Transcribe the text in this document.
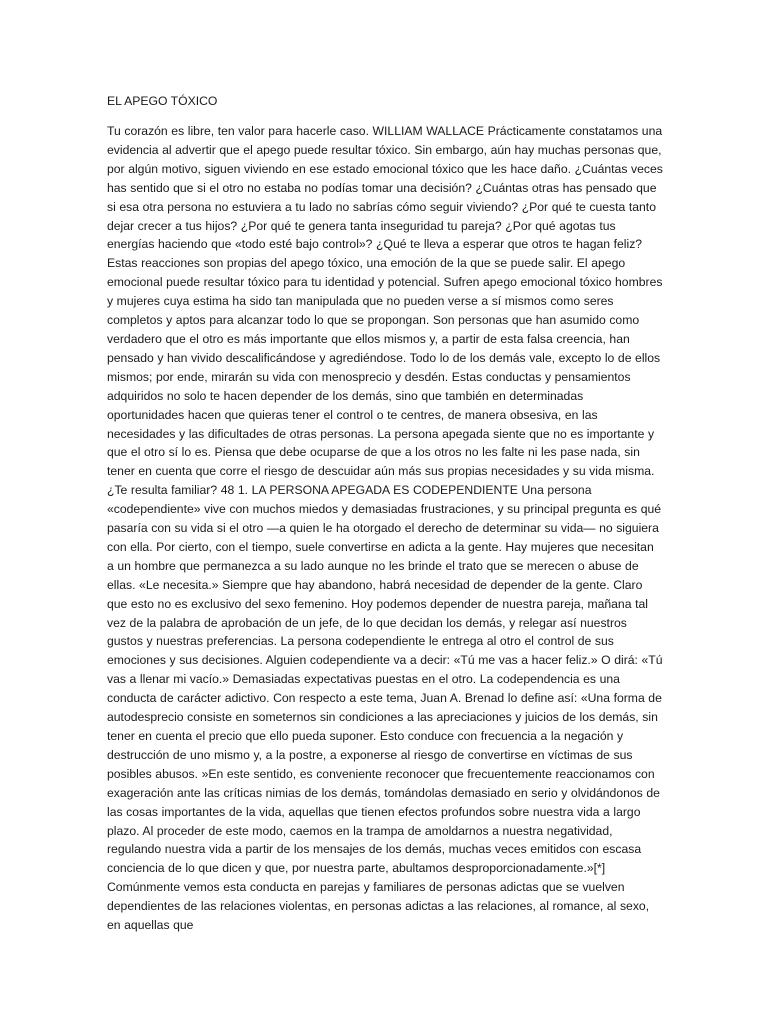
EL APEGO TÓXICO

Tu corazón es libre, ten valor para hacerle caso. WILLIAM WALLACE Prácticamente constatamos una evidencia al advertir que el apego puede resultar tóxico. Sin embargo, aún hay muchas personas que, por algún motivo, siguen viviendo en ese estado emocional tóxico que les hace daño. ¿Cuántas veces has sentido que si el otro no estaba no podías tomar una decisión? ¿Cuántas otras has pensado que si esa otra persona no estuviera a tu lado no sabrías cómo seguir viviendo? ¿Por qué te cuesta tanto dejar crecer a tus hijos? ¿Por qué te genera tanta inseguridad tu pareja? ¿Por qué agotas tus energías haciendo que «todo esté bajo control»? ¿Qué te lleva a esperar que otros te hagan feliz? Estas reacciones son propias del apego tóxico, una emoción de la que se puede salir. El apego emocional puede resultar tóxico para tu identidad y potencial. Sufren apego emocional tóxico hombres y mujeres cuya estima ha sido tan manipulada que no pueden verse a sí mismos como seres completos y aptos para alcanzar todo lo que se propongan. Son personas que han asumido como verdadero que el otro es más importante que ellos mismos y, a partir de esta falsa creencia, han pensado y han vivido descalificándose y agrediéndose. Todo lo de los demás vale, excepto lo de ellos mismos; por ende, mirarán su vida con menosprecio y desdén. Estas conductas y pensamientos adquiridos no solo te hacen depender de los demás, sino que también en determinadas oportunidades hacen que quieras tener el control o te centres, de manera obsesiva, en las necesidades y las dificultades de otras personas. La persona apegada siente que no es importante y que el otro sí lo es. Piensa que debe ocuparse de que a los otros no les falte ni les pase nada, sin tener en cuenta que corre el riesgo de descuidar aún más sus propias necesidades y su vida misma. ¿Te resulta familiar? 48 1. LA PERSONA APEGADA ES CODEPENDIENTE Una persona «codependiente» vive con muchos miedos y demasiadas frustraciones, y su principal pregunta es qué pasaría con su vida si el otro —a quien le ha otorgado el derecho de determinar su vida— no siguiera con ella. Por cierto, con el tiempo, suele convertirse en adicta a la gente. Hay mujeres que necesitan a un hombre que permanezca a su lado aunque no les brinde el trato que se merecen o abuse de ellas. «Le necesita.» Siempre que hay abandono, habrá necesidad de depender de la gente. Claro que esto no es exclusivo del sexo femenino. Hoy podemos depender de nuestra pareja, mañana tal vez de la palabra de aprobación de un jefe, de lo que decidan los demás, y relegar así nuestros gustos y nuestras preferencias. La persona codependiente le entrega al otro el control de sus emociones y sus decisiones. Alguien codependiente va a decir: «Tú me vas a hacer feliz.» O dirá: «Tú vas a llenar mi vacío.» Demasiadas expectativas puestas en el otro. La codependencia es una conducta de carácter adictivo. Con respecto a este tema, Juan A. Brenad lo define así: «Una forma de autodesprecio consiste en someternos sin condiciones a las apreciaciones y juicios de los demás, sin tener en cuenta el precio que ello pueda suponer. Esto conduce con frecuencia a la negación y destrucción de uno mismo y, a la postre, a exponerse al riesgo de convertirse en víctimas de sus posibles abusos. »En este sentido, es conveniente reconocer que frecuentemente reaccionamos con exageración ante las críticas nimias de los demás, tomándolas demasiado en serio y olvidándonos de las cosas importantes de la vida, aquellas que tienen efectos profundos sobre nuestra vida a largo plazo. Al proceder de este modo, caemos en la trampa de amoldarnos a nuestra negatividad, regulando nuestra vida a partir de los mensajes de los demás, muchas veces emitidos con escasa conciencia de lo que dicen y que, por nuestra parte, abultamos desproporcionadamente.»[*] Comúnmente vemos esta conducta en parejas y familiares de personas adictas que se vuelven dependientes de las relaciones violentas, en personas adictas a las relaciones, al romance, al sexo, en aquellas que
